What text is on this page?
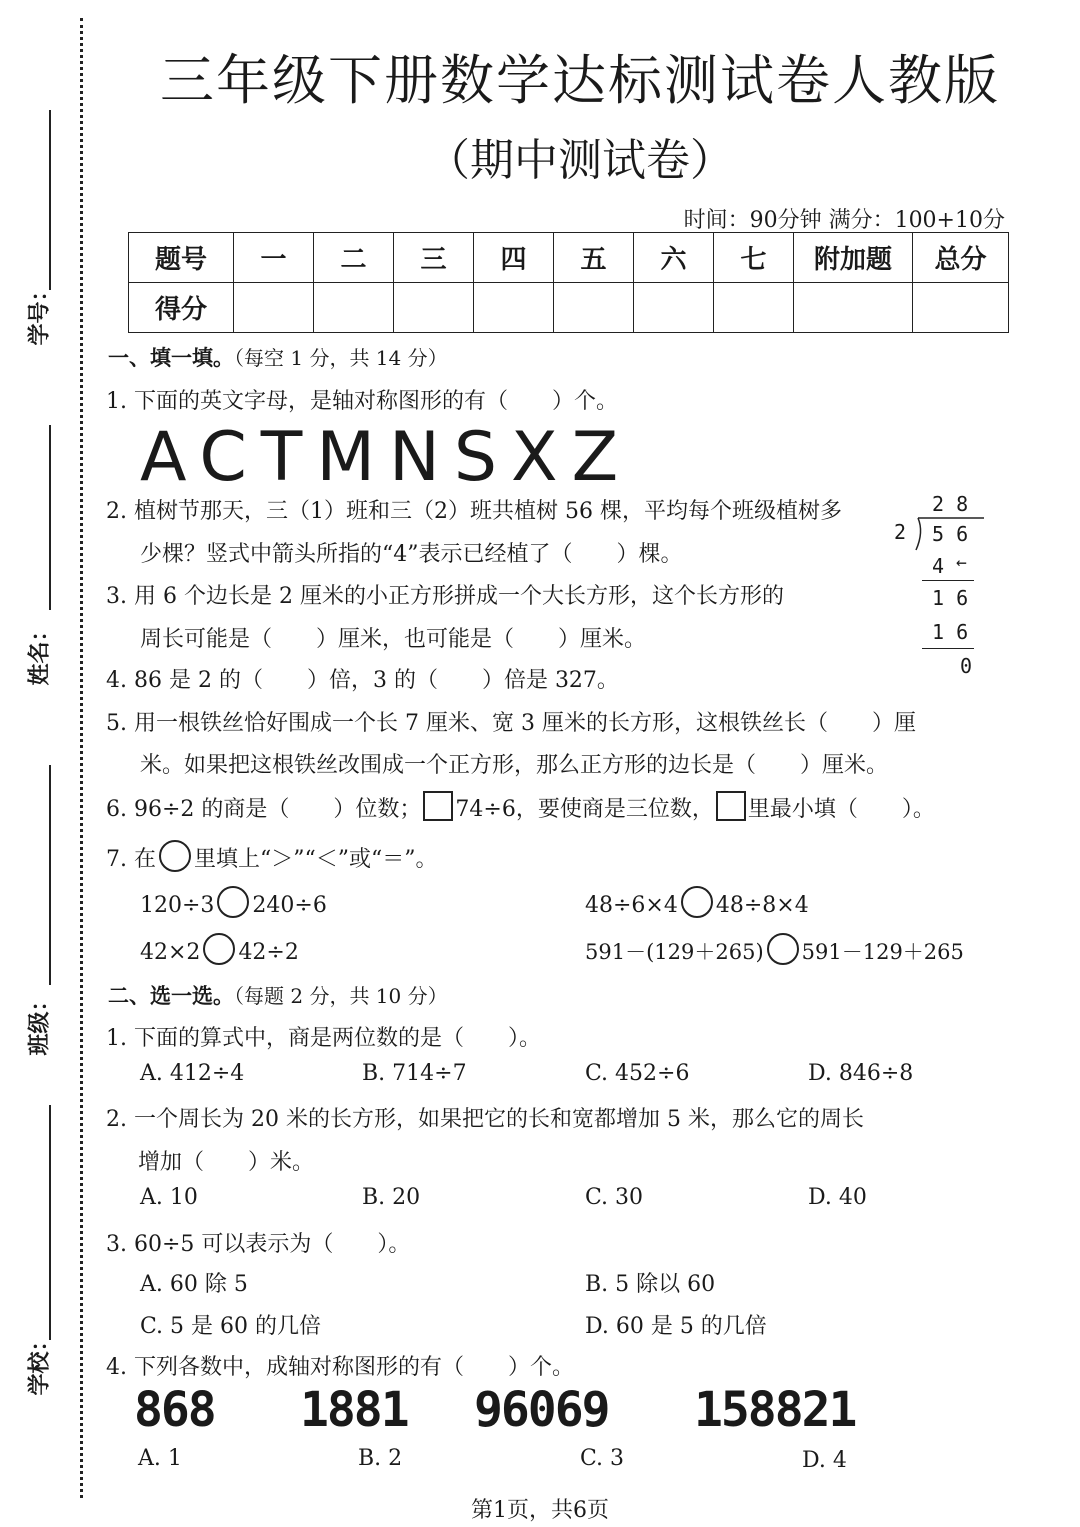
学号：
姓名：
班级：
学校：
三年级下册数学达标测试卷人教版
（期中测试卷）
时间：90分钟 满分：100+10分
题号	一	二	三	四	五	六	七	附加题	总分
得分									
一、填一填。（每空 1 分，共 14 分）
1. 下面的英文字母，是轴对称图形的有（　　）个。
ACTMNSXZ
2. 植树节那天，三（1）班和三（2）班共植树 56 棵，平均每个班级植树多
少棵？竖式中箭头所指的“4”表示已经植了（　　）棵。
2 8
2 5 6
4 ←
1 6
1 6
0
3. 用 6 个边长是 2 厘米的小正方形拼成一个大长方形，这个长方形的
周长可能是（　　）厘米，也可能是（　　）厘米。
4. 86 是 2 的（　　）倍，3 的（　　）倍是 327。
5. 用一根铁丝恰好围成一个长 7 厘米、宽 3 厘米的长方形，这根铁丝长（　　）厘
米。如果把这根铁丝改围成一个正方形，那么正方形的边长是（　　）厘米。
6. 96÷2 的商是（　　）位数； 74÷6，要使商是三位数， 里最小填（　　）。
7. 在 里填上“＞”“＜”或“＝”。
120÷3 240÷6	48÷6×4 48÷8×4
42×2 42÷2	591－(129＋265) 591－129＋265
二、选一选。（每题 2 分，共 10 分）
1. 下面的算式中，商是两位数的是（　　）。
A. 412÷4	B. 714÷7	C. 452÷6	D. 846÷8
2. 一个周长为 20 米的长方形，如果把它的长和宽都增加 5 米，那么它的周长
增加（　　）米。
A. 10	B. 20	C. 30	D. 40
3. 60÷5 可以表示为（　　）。
A. 60 除 5	B. 5 除以 60
C. 5 是 60 的几倍	D. 60 是 5 的几倍
4. 下列各数中，成轴对称图形的有（　　）个。
868 1881 96069 158821
A. 1	B. 2	C. 3	D. 4
第1页，共6页
